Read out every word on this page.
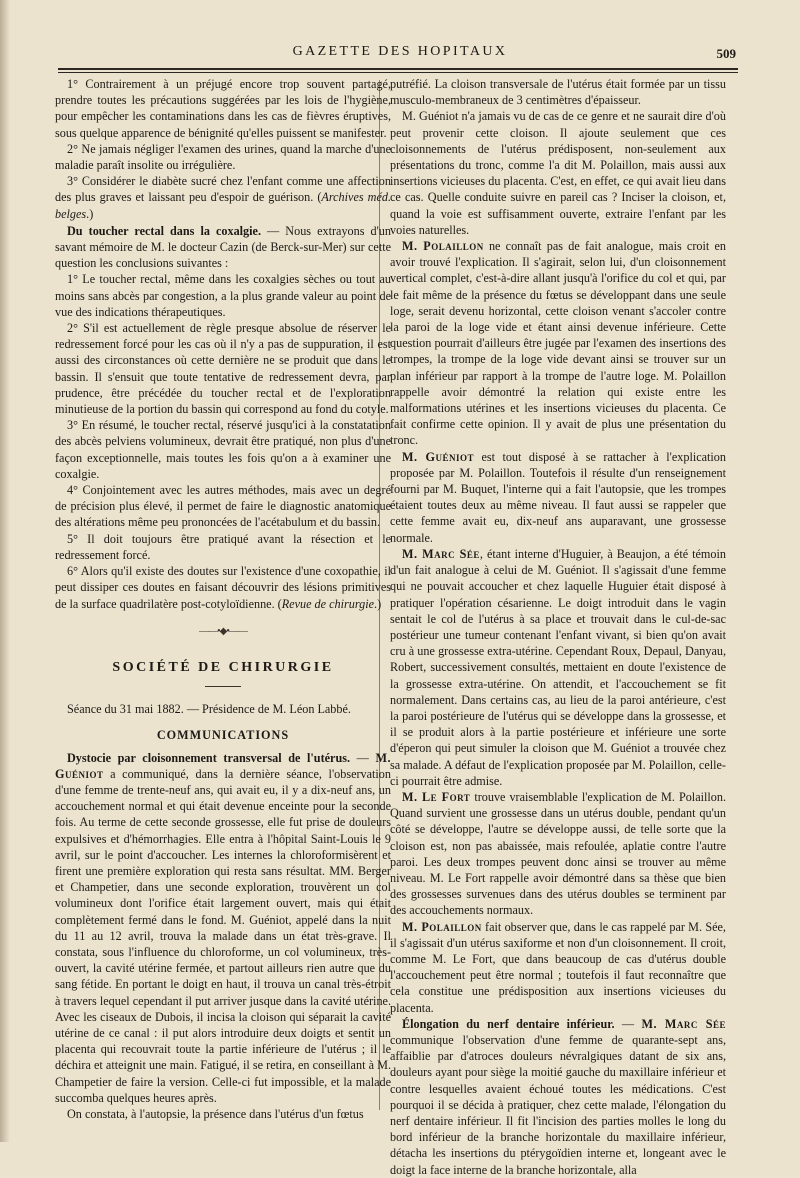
GAZETTE DES HOPITAUX	509

1° Contrairement à un préjugé encore trop souvent partagé, prendre toutes les précautions suggérées par les lois de l'hygiène, pour empêcher les contaminations dans les cas de fièvres éruptives, sous quelque apparence de bénignité qu'elles puissent se manifester.

2° Ne jamais négliger l'examen des urines, quand la marche d'une maladie paraît insolite ou irrégulière.

3° Considérer le diabète sucré chez l'enfant comme une affection des plus graves et laissant peu d'espoir de guérison. (Archives méd. belges.)

Du toucher rectal dans la coxalgie. — Nous extrayons d'un savant mémoire de M. le docteur Cazin (de Berck-sur-Mer) sur cette question les conclusions suivantes :

1° Le toucher rectal, même dans les coxalgies sèches ou tout au moins sans abcès par congestion, a la plus grande valeur au point de vue des indications thérapeutiques.

2° S'il est actuellement de règle presque absolue de réserver le redressement forcé pour les cas où il n'y a pas de suppuration, il est aussi des circonstances où cette dernière ne se produit que dans le bassin. Il s'ensuit que toute tentative de redressement devra, par prudence, être précédée du toucher rectal et de l'exploration minutieuse de la portion du bassin qui correspond au fond du cotyle.

3° En résumé, le toucher rectal, réservé jusqu'ici à la constatation des abcès pelviens volumineux, devrait être pratiqué, non plus d'une façon exceptionnelle, mais toutes les fois qu'on a à examiner une coxalgie.

4° Conjointement avec les autres méthodes, mais avec un degré de précision plus élevé, il permet de faire le diagnostic anatomique des altérations même peu prononcées de l'acétabulum et du bassin.

5° Il doit toujours être pratiqué avant la résection et le redressement forcé.

6° Alors qu'il existe des doutes sur l'existence d'une coxopathie, il peut dissiper ces doutes en faisant découvrir des lésions primitives de la surface quadrilatère post-cotyloïdienne. (Revue de chirurgie.)

——•◆•——
SOCIÉTÉ DE CHIRURGIE

Séance du 31 mai 1882. — Présidence de M. Léon Labbé.

COMMUNICATIONS

Dystocie par cloisonnement transversal de l'utérus. — M. Guéniot a communiqué, dans la dernière séance, l'observation d'une femme de trente-neuf ans, qui avait eu, il y a dix-neuf ans, un accouchement normal et qui était devenue enceinte pour la seconde fois. Au terme de cette seconde grossesse, elle fut prise de douleurs expulsives et d'hémorrhagies. Elle entra à l'hôpital Saint-Louis le 9 avril, sur le point d'accoucher. Les internes la chloroformisèrent et firent une première exploration qui resta sans résultat. MM. Berger et Champetier, dans une seconde exploration, trouvèrent un col volumineux dont l'orifice était largement ouvert, mais qui était complètement fermé dans le fond. M. Guéniot, appelé dans la nuit du 11 au 12 avril, trouva la malade dans un état très-grave. Il constata, sous l'influence du chloroforme, un col volumineux, très-ouvert, la cavité utérine fermée, et partout ailleurs rien autre que du sang fétide. En portant le doigt en haut, il trouva un canal très-étroit à travers lequel cependant il put arriver jusque dans la cavité utérine. Avec les ciseaux de Dubois, il incisa la cloison qui séparait la cavité utérine de ce canal : il put alors introduire deux doigts et sentit un placenta qui recouvrait toute la partie inférieure de l'utérus ; il le déchira et atteignit une main. Fatigué, il se retira, en conseillant à M. Champetier de faire la version. Celle-ci fut impossible, et la malade succomba quelques heures après.

On constata, à l'autopsie, la présence dans l'utérus d'un fœtus

putréfié. La cloison transversale de l'utérus était formée par un tissu musculo-membraneux de 3 centimètres d'épaisseur.

M. Guéniot n'a jamais vu de cas de ce genre et ne saurait dire d'où peut provenir cette cloison. Il ajoute seulement que ces cloisonnements de l'utérus prédisposent, non-seulement aux présentations du tronc, comme l'a dit M. Polaillon, mais aussi aux insertions vicieuses du placenta. C'est, en effet, ce qui avait lieu dans ce cas. Quelle conduite suivre en pareil cas ? Inciser la cloison, et, quand la voie est suffisamment ouverte, extraire l'enfant par les voies naturelles.

M. Polaillon ne connaît pas de fait analogue, mais croit en avoir trouvé l'explication. Il s'agirait, selon lui, d'un cloisonnement vertical complet, c'est-à-dire allant jusqu'à l'orifice du col et qui, par le fait même de la présence du fœtus se développant dans une seule loge, serait devenu horizontal, cette cloison venant s'accoler contre la paroi de la loge vide et étant ainsi devenue inférieure. Cette question pourrait d'ailleurs être jugée par l'examen des insertions des trompes, la trompe de la loge vide devant ainsi se trouver sur un plan inférieur par rapport à la trompe de l'autre loge. M. Polaillon rappelle avoir démontré la relation qui existe entre les malformations utérines et les insertions vicieuses du placenta. Ce fait confirme cette opinion. Il y avait de plus une présentation du tronc.

M. Guéniot est tout disposé à se rattacher à l'explication proposée par M. Polaillon. Toutefois il résulte d'un renseignement fourni par M. Buquet, l'interne qui a fait l'autopsie, que les trompes étaient toutes deux au même niveau. Il faut aussi se rappeler que cette femme avait eu, dix-neuf ans auparavant, une grossesse normale.

M. Marc Sée, étant interne d'Huguier, à Beaujon, a été témoin d'un fait analogue à celui de M. Guéniot. Il s'agissait d'une femme qui ne pouvait accoucher et chez laquelle Huguier était disposé à pratiquer l'opération césarienne. Le doigt introduit dans le vagin sentait le col de l'utérus à sa place et trouvait dans le cul-de-sac postérieur une tumeur contenant l'enfant vivant, si bien qu'on avait cru à une grossesse extra-utérine. Cependant Roux, Depaul, Danyau, Robert, successivement consultés, mettaient en doute l'existence de la grossesse extra-utérine. On attendit, et l'accouchement se fit normalement. Dans certains cas, au lieu de la paroi antérieure, c'est la paroi postérieure de l'utérus qui se développe dans la grossesse, et il se produit alors à la partie postérieure et inférieure une sorte d'éperon qui peut simuler la cloison que M. Guéniot a trouvée chez sa malade. A défaut de l'explication proposée par M. Polaillon, celle-ci pourrait être admise.

M. Le Fort trouve vraisemblable l'explication de M. Polaillon. Quand survient une grossesse dans un utérus double, pendant qu'un côté se développe, l'autre se développe aussi, de telle sorte que la cloison est, non pas abaissée, mais refoulée, aplatie contre l'autre paroi. Les deux trompes peuvent donc ainsi se trouver au même niveau. M. Le Fort rappelle avoir démontré dans sa thèse que bien des grossesses survenues dans des utérus doubles se terminent par des accouchements normaux.

M. Polaillon fait observer que, dans le cas rappelé par M. Sée, il s'agissait d'un utérus saxiforme et non d'un cloisonnement. Il croit, comme M. Le Fort, que dans beaucoup de cas d'utérus double l'accouchement peut être normal ; toutefois il faut reconnaître que cela constitue une prédisposition aux insertions vicieuses du placenta.

Élongation du nerf dentaire inférieur. — M. Marc Sée communique l'observation d'une femme de quarante-sept ans, affaiblie par d'atroces douleurs névralgiques datant de six ans, douleurs ayant pour siège la moitié gauche du maxillaire inférieur et contre lesquelles avaient échoué toutes les médications. C'est pourquoi il se décida à pratiquer, chez cette malade, l'élongation du nerf dentaire inférieur. Il fit l'incision des parties molles le long du bord inférieur de la branche horizontale du maxillaire inférieur, détacha les insertions du ptérygoïdien interne et, longeant avec le doigt la face interne de la branche horizontale, alla
